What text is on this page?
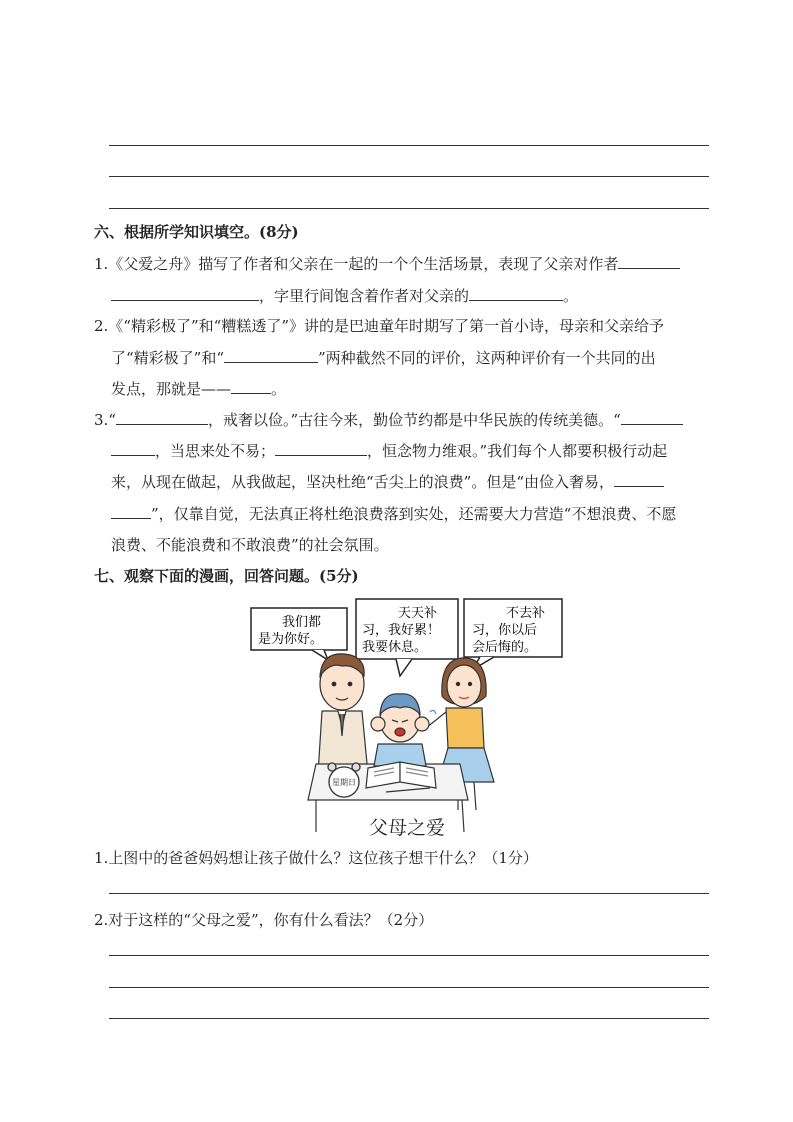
六、根据所学知识填空。(8分)
1.《父爱之舟》描写了作者和父亲在一起的一个个生活场景，表现了父亲对作者
，字里行间饱含着作者对父亲的	。
2.《“精彩极了”和“糟糕透了”》讲的是巴迪童年时期写了第一首小诗，母亲和父亲给予
了“精彩极了”和“	”两种截然不同的评价，这两种评价有一个共同的出
发点，那就是——	。
3.“	，戒奢以俭。”古往今来，勤俭节约都是中华民族的传统美德。“
，当思来处不易；	，恒念物力维艰。”我们每个人都要积极行动起
来，从现在做起，从我做起，坚决杜绝“舌尖上的浪费”。但是“由俭入奢易，
”，仅靠自觉，无法真正将杜绝浪费落到实处，还需要大力营造“不想浪费、不愿
浪费、不能浪费和不敢浪费”的社会氛围。
七、观察下面的漫画，回答问题。(5分)
我们都
是为你好。
天天补
习，我好累！
我要休息。
不去补
习，你以后
会后悔的。
星期日
父母之爱
1.上图中的爸爸妈妈想让孩子做什么？这位孩子想干什么？（1分）
2.对于这样的“父母之爱”，你有什么看法？（2分）
